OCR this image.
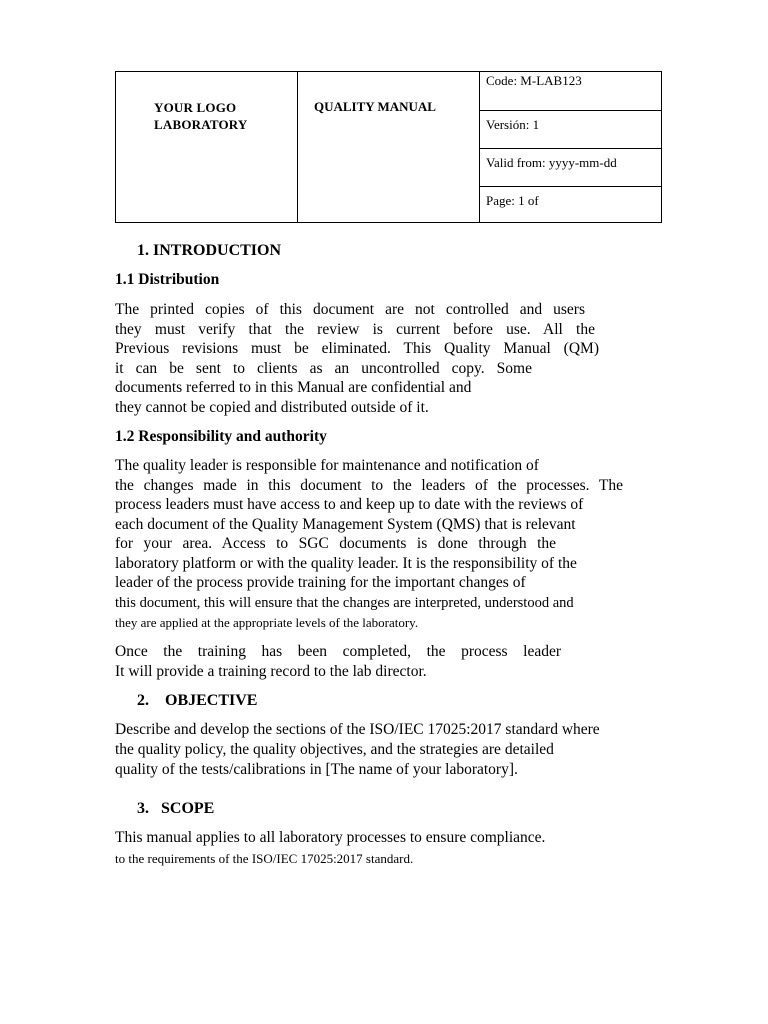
YOUR LOGO
LABORATORY
QUALITY MANUAL
Code: M-LAB123
Versión: 1
Valid from: yyyy-mm-dd
Page: 1 of
1. INTRODUCTION
1.1 Distribution
The printed copies of this document are not controlled and users
they must verify that the review is current before use. All the
Previous revisions must be eliminated. This Quality Manual (QM)
it can be sent to clients as an uncontrolled copy. Some
documents referred to in this Manual are confidential and
they cannot be copied and distributed outside of it.
1.2 Responsibility and authority
The quality leader is responsible for maintenance and notification of
the changes made in this document to the leaders of the processes. The
process leaders must have access to and keep up to date with the reviews of
each document of the Quality Management System (QMS) that is relevant
for your area. Access to SGC documents is done through the
laboratory platform or with the quality leader. It is the responsibility of the
leader of the process provide training for the important changes of
this document, this will ensure that the changes are interpreted, understood and
they are applied at the appropriate levels of the laboratory.
Once the training has been completed, the process leader
It will provide a training record to the lab director.
2.    OBJECTIVE
Describe and develop the sections of the ISO/IEC 17025:2017 standard where
the quality policy, the quality objectives, and the strategies are detailed
quality of the tests/calibrations in [The name of your laboratory].
3.   SCOPE
This manual applies to all laboratory processes to ensure compliance.
to the requirements of the ISO/IEC 17025:2017 standard.
